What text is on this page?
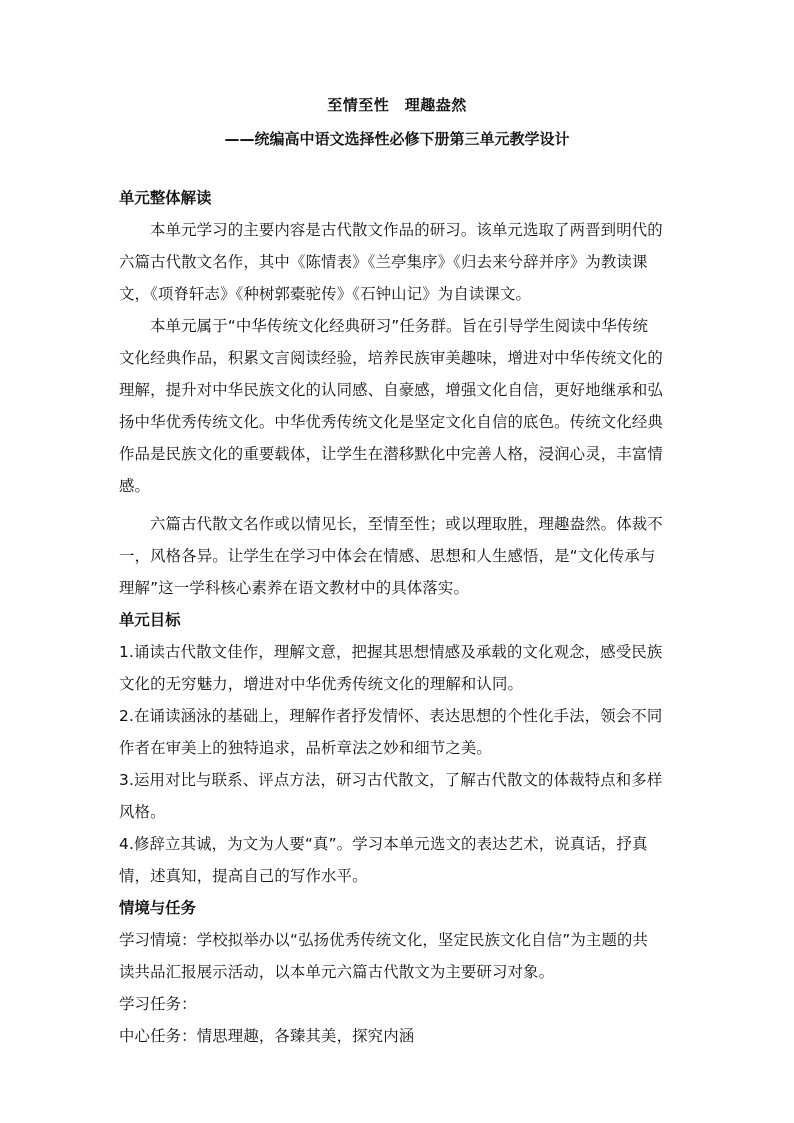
至情至性　理趣盎然
——统编高中语文选择性必修下册第三单元教学设计
单元整体解读
本单元学习的主要内容是古代散文作品的研习。该单元选取了两晋到明代的
六篇古代散文名作，其中《陈情表》《兰亭集序》《归去来兮辞并序》为教读课
文，《项脊轩志》《种树郭橐驼传》《石钟山记》为自读课文。
本单元属于“中华传统文化经典研习”任务群。旨在引导学生阅读中华传统
文化经典作品，积累文言阅读经验，培养民族审美趣味，增进对中华传统文化的
理解，提升对中华民族文化的认同感、自豪感，增强文化自信，更好地继承和弘
扬中华优秀传统文化。中华优秀传统文化是坚定文化自信的底色。传统文化经典
作品是民族文化的重要载体，让学生在潜移默化中完善人格，浸润心灵，丰富情
感。
六篇古代散文名作或以情见长，至情至性；或以理取胜，理趣盎然。体裁不
一，风格各异。让学生在学习中体会在情感、思想和人生感悟，是“文化传承与
理解”这一学科核心素养在语文教材中的具体落实。
单元目标
1.诵读古代散文佳作，理解文意，把握其思想情感及承载的文化观念，感受民族
文化的无穷魅力，增进对中华优秀传统文化的理解和认同。
2.在诵读涵泳的基础上，理解作者抒发情怀、表达思想的个性化手法，领会不同
作者在审美上的独特追求，品析章法之妙和细节之美。
3.运用对比与联系、评点方法，研习古代散文，了解古代散文的体裁特点和多样
风格。
4.修辞立其诚，为文为人要“真”。学习本单元选文的表达艺术，说真话，抒真
情，述真知，提高自己的写作水平。
情境与任务
学习情境：学校拟举办以“弘扬优秀传统文化，坚定民族文化自信”为主题的共
读共品汇报展示活动，以本单元六篇古代散文为主要研习对象。
学习任务：
中心任务：情思理趣，各臻其美，探究内涵
